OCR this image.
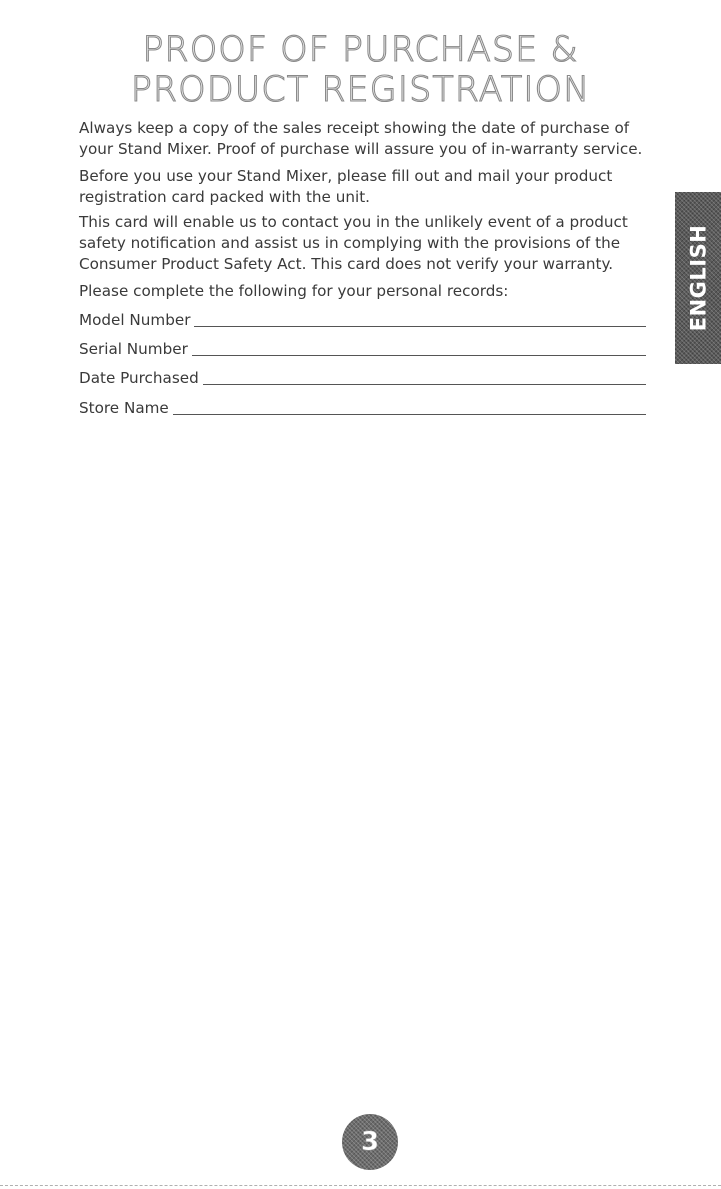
PROOF OF PURCHASE &
PRODUCT REGISTRATION

Always keep a copy of the sales receipt showing the date of purchase of your Stand Mixer. Proof of purchase will assure you of in-warranty service.

Before you use your Stand Mixer, please fill out and mail your product registration card packed with the unit.

This card will enable us to contact you in the unlikely event of a product safety notification and assist us in complying with the provisions of the Consumer Product Safety Act. This card does not verify your warranty.

Please complete the following for your personal records:

Model Number
Serial Number
Date Purchased
Store Name
ENGLISH
3
